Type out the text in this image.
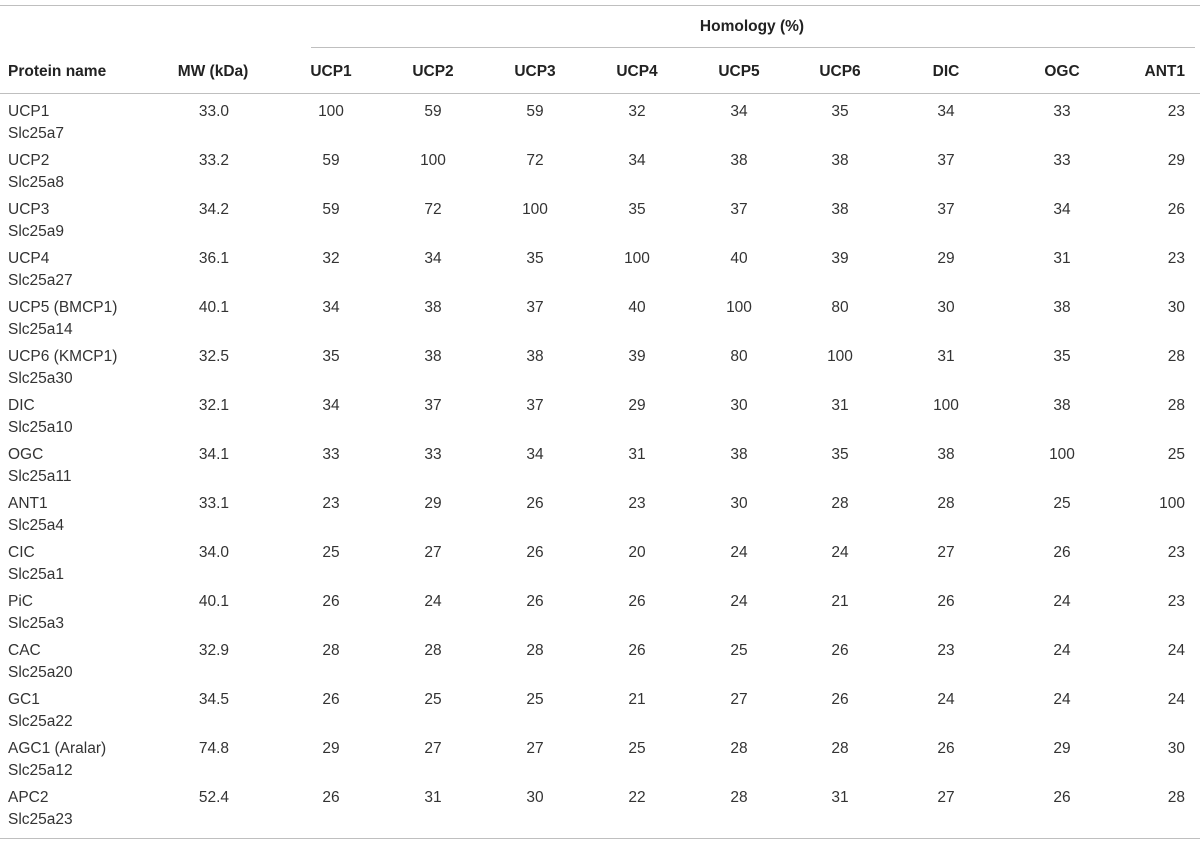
Homology (%)
Protein name	MW (kDa)	UCP1	UCP2	UCP3	UCP4	UCP5	UCP6	DIC	OGC	ANT1
UCP1
Slc25a7
33.0	100	59	59	32	34	35	34	33	23
UCP2
Slc25a8
33.2	59	100	72	34	38	38	37	33	29
UCP3
Slc25a9
34.2	59	72	100	35	37	38	37	34	26
UCP4
Slc25a27
36.1	32	34	35	100	40	39	29	31	23
UCP5 (BMCP1)
Slc25a14
40.1	34	38	37	40	100	80	30	38	30
UCP6 (KMCP1)
Slc25a30
32.5	35	38	38	39	80	100	31	35	28
DIC
Slc25a10
32.1	34	37	37	29	30	31	100	38	28
OGC
Slc25a11
34.1	33	33	34	31	38	35	38	100	25
ANT1
Slc25a4
33.1	23	29	26	23	30	28	28	25	100
CIC
Slc25a1
34.0	25	27	26	20	24	24	27	26	23
PiC
Slc25a3
40.1	26	24	26	26	24	21	26	24	23
CAC
Slc25a20
32.9	28	28	28	26	25	26	23	24	24
GC1
Slc25a22
34.5	26	25	25	21	27	26	24	24	24
AGC1 (Aralar)
Slc25a12
74.8	29	27	27	25	28	28	26	29	30
APC2
Slc25a23
52.4	26	31	30	22	28	31	27	26	28
